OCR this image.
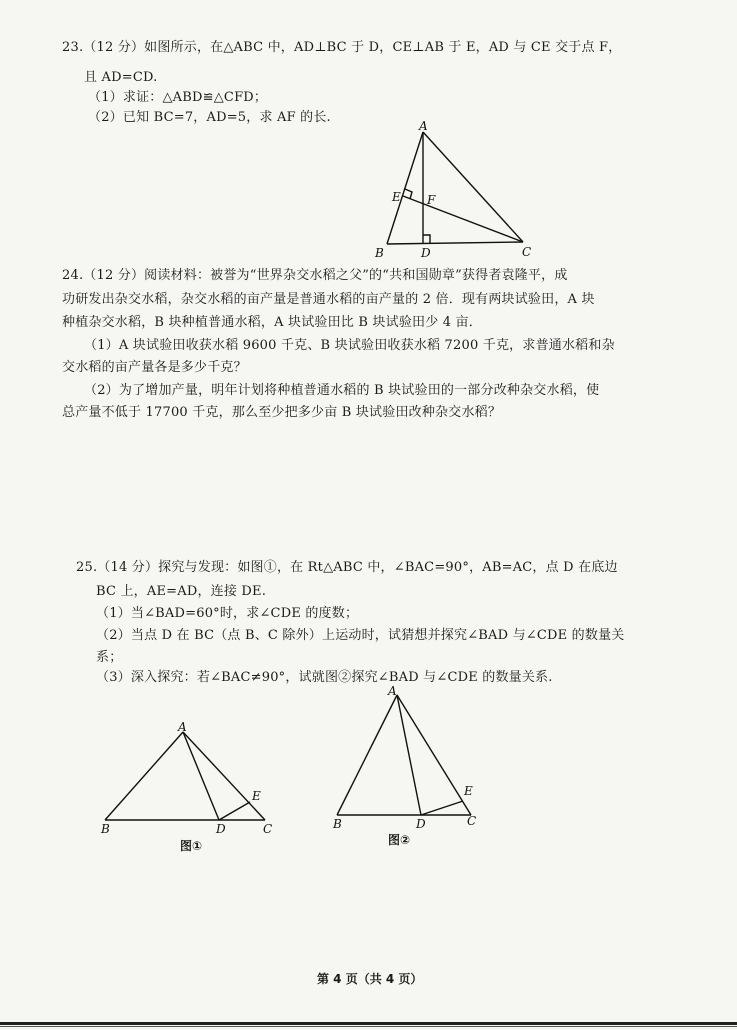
23.（12 分）如图所示，在△ABC 中，AD⊥BC 于 D，CE⊥AB 于 E，AD 与 CE 交于点 F，
且 AD=CD.
（1）求证：△ABD≌△CFD；
（2）已知 BC=7，AD=5，求 AF 的长.
A
B	C
D
E F
24.（12 分）阅读材料：被誉为“世界杂交水稻之父”的“共和国勋章”获得者袁隆平，成
功研发出杂交水稻，杂交水稻的亩产量是普通水稻的亩产量的 2 倍．现有两块试验田，A 块
种植杂交水稻，B 块种植普通水稻，A 块试验田比 B 块试验田少 4 亩．
（1）A 块试验田收获水稻 9600 千克、B 块试验田收获水稻 7200 千克，求普通水稻和杂
交水稻的亩产量各是多少千克？
（2）为了增加产量，明年计划将种植普通水稻的 B 块试验田的一部分改种杂交水稻，使
总产量不低于 17700 千克，那么至少把多少亩 B 块试验田改种杂交水稻？
25.（14 分）探究与发现：如图①，在 Rt△ABC 中，∠BAC=90°，AB=AC，点 D 在底边
BC 上，AE=AD，连接 DE.
（1）当∠BAD=60°时，求∠CDE 的度数；
（2）当点 D 在 BC（点 B、C 除外）上运动时，试猜想并探究∠BAD 与∠CDE 的数量关
系；
（3）深入探究：若∠BAC≠90°，试就图②探究∠BAD 与∠CDE 的数量关系.
A
B	C
D
E
图①
A
B	C
D
E
图②
第 4 页（共 4 页）
